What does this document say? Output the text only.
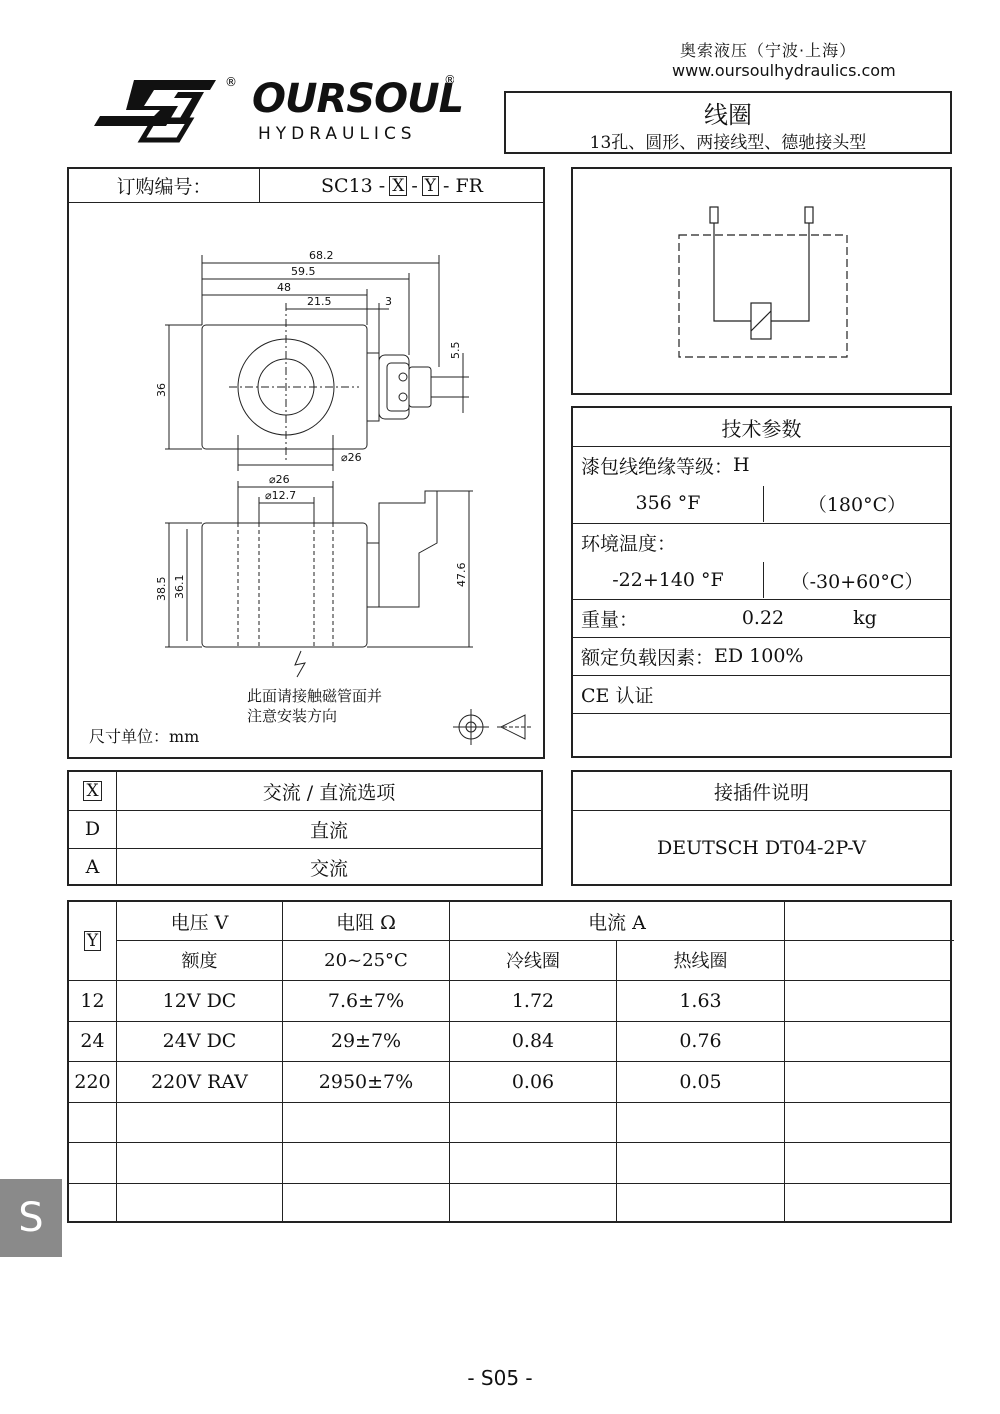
奥索液压（宁波·上海）
www.oursoulhydraulics.com
®	®
OURSOUL
HYDRAULICS
线圈
13孔、圆形、两接线型、德驰接头型
订购编号：	SC13 - X - Y - FR
68.2
59.5
48
21.5	3
5.5
36
⌀26
⌀26
⌀12.7
38.5 36.1	47.6
此面请接触磁管面并
注意安装方向
尺寸单位：mm
技术参数
漆包线绝缘等级： H
356 °F	（180°C）
环境温度：
-22+140 °F	（-30+60°C）
重量：	0.22	kg
额定负载因素： ED 100%
CE 认证
X	交流 / 直流选项
D	直流
A	交流
接插件说明
DEUTSCH DT04-2P-V
Y
电压 V	电阻 Ω	电流 A
额度	20~25°C	冷线圈	热线圈
12	12V DC	7.6±7%	1.72	1.63
24	24V DC	29±7%	0.84	0.76
220	220V RAV	2950±7%	0.06	0.05
S
- S05 -
